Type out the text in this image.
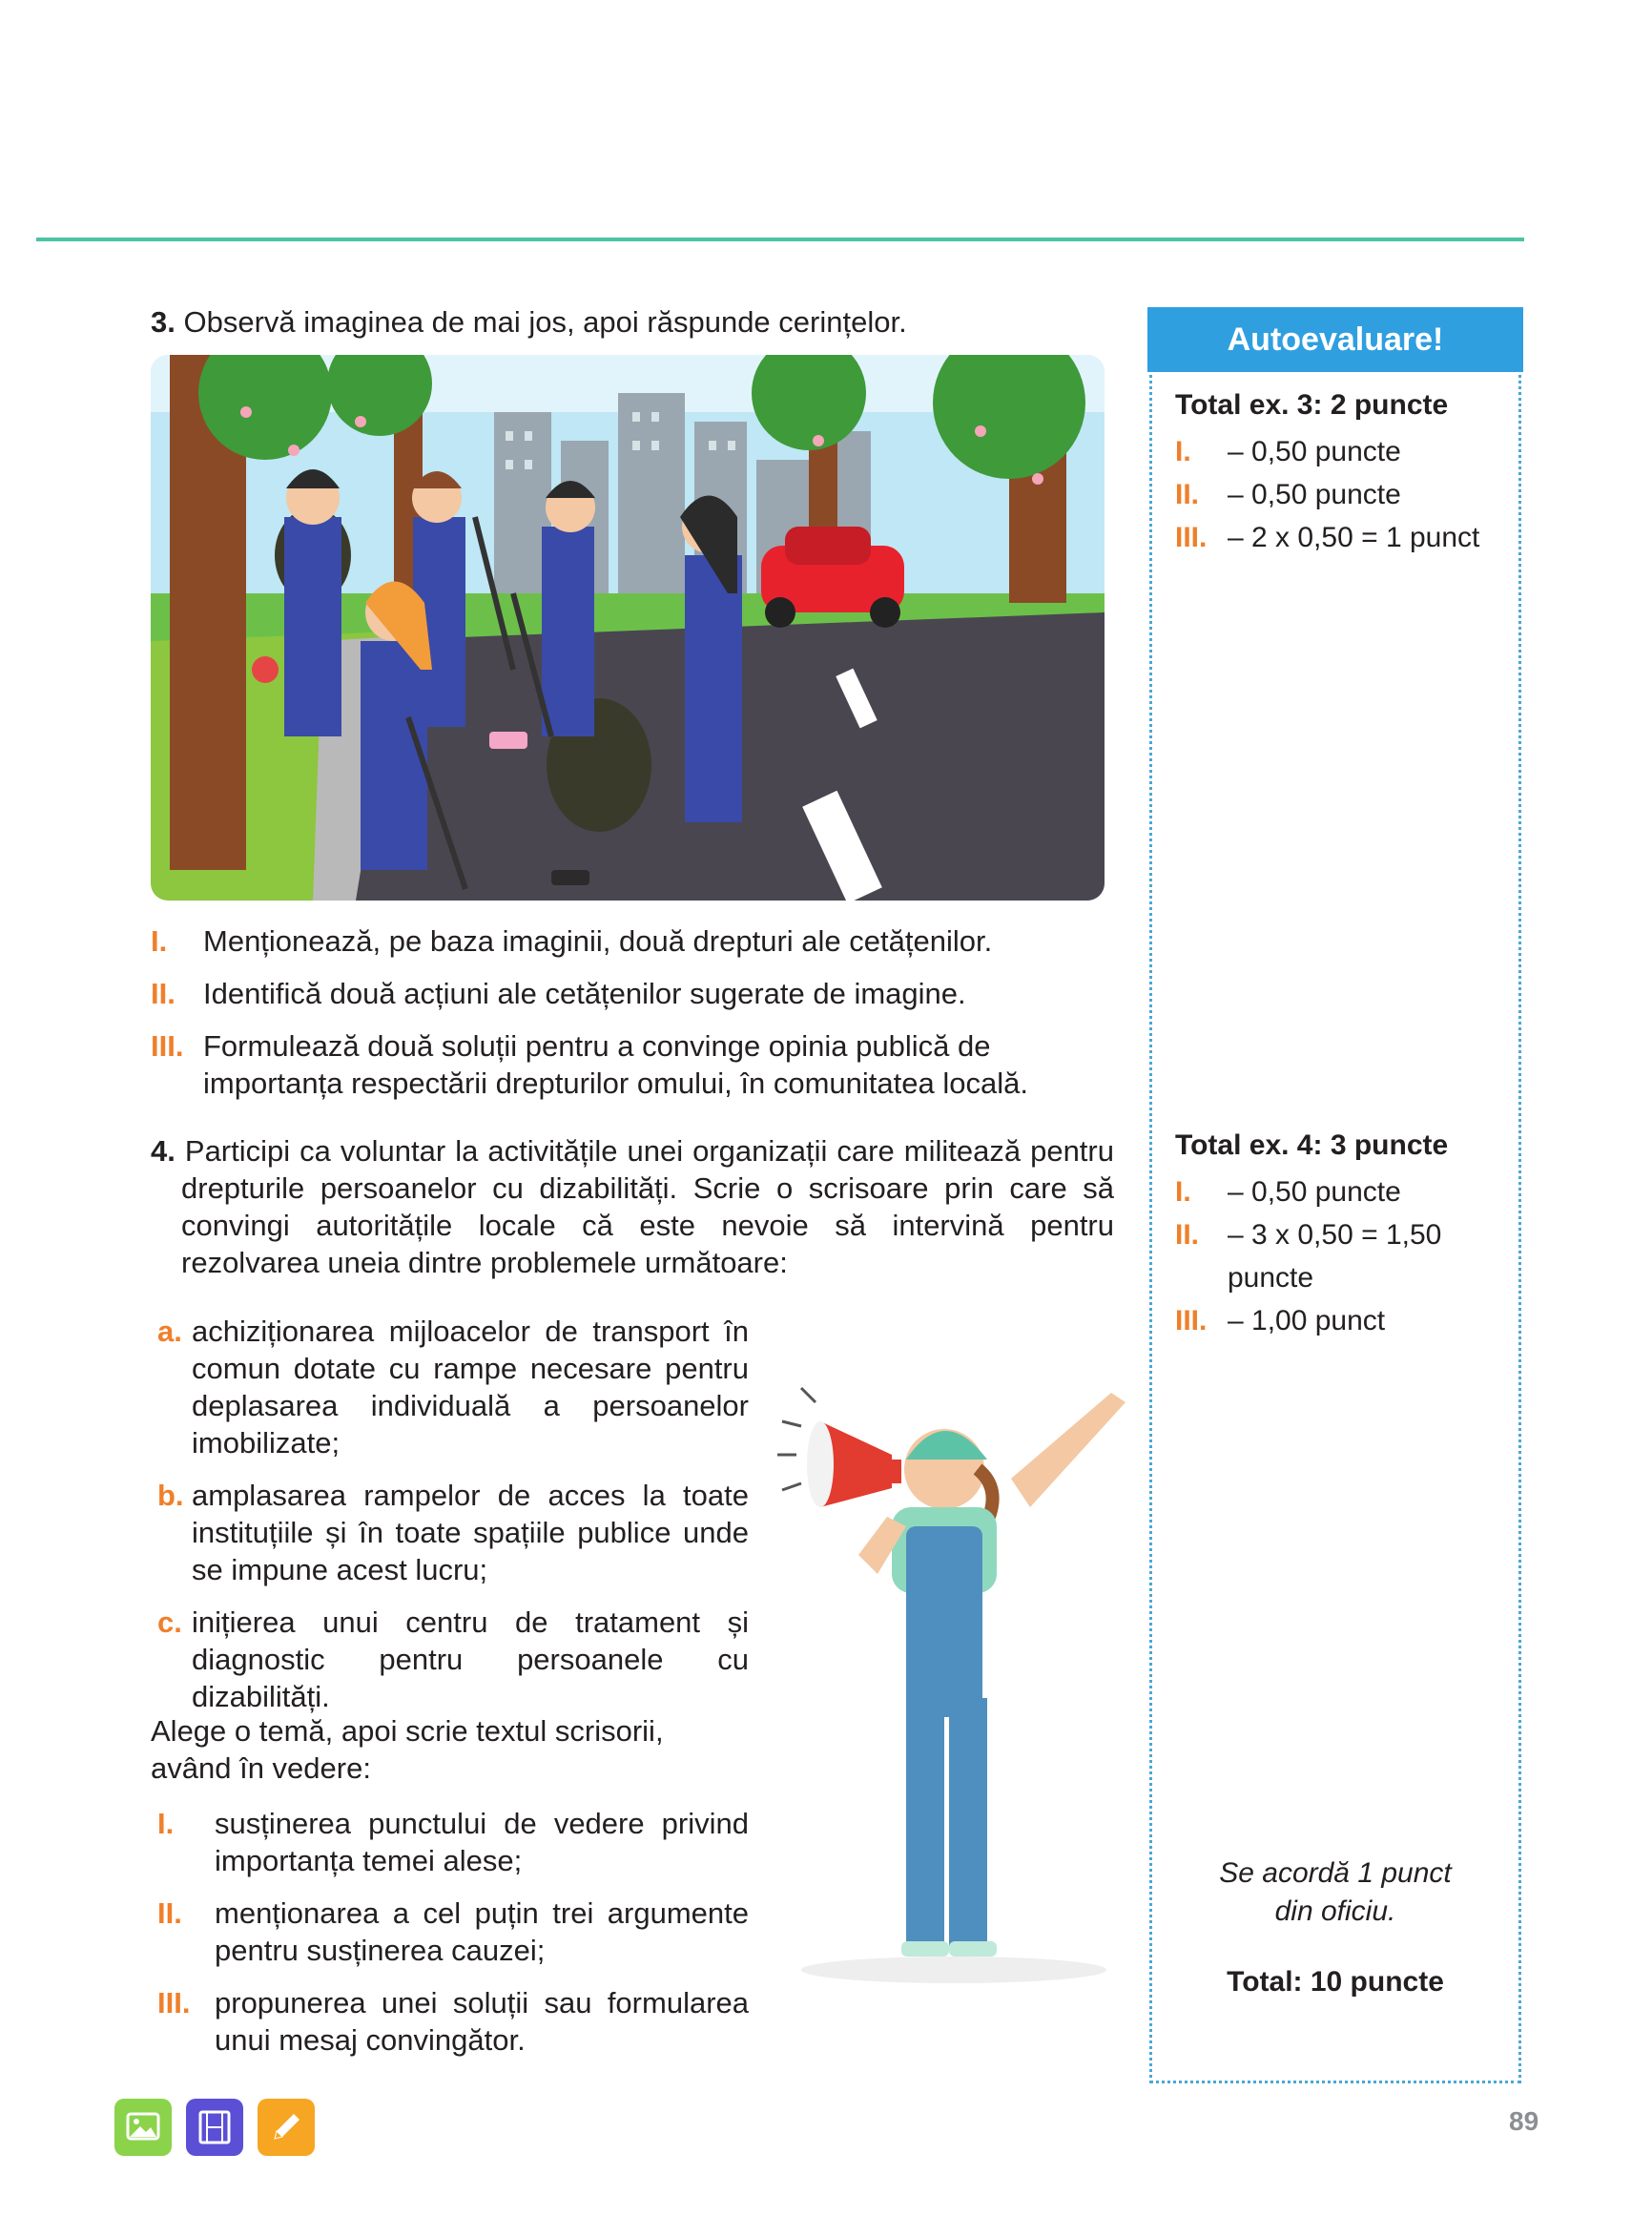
3. Observă imaginea de mai jos, apoi răspunde cerințelor.
I. Menționează, pe baza imaginii, două drepturi ale cetățenilor.
II. Identifică două acțiuni ale cetățenilor sugerate de imagine.
III. Formulează două soluții pentru a convinge opinia publică de importanța respectării drepturilor omului, în comunitatea locală.
4. Participi ca voluntar la activitățile unei organizații care militează pentru drepturile persoanelor cu dizabilități. Scrie o scrisoare prin care să convingi autoritățile locale că este nevoie să intervină pentru rezolvarea uneia dintre problemele următoare:
a. achiziționarea mijloacelor de transport în comun dotate cu rampe necesare pentru deplasarea individuală a persoanelor imobilizate;
b. amplasarea rampelor de acces la toate instituțiile și în toate spațiile publice unde se impune acest lucru;
c. inițierea unui centru de tratament și diagnostic pentru persoanele cu dizabilități.
Alege o temă, apoi scrie textul scrisorii, având în vedere:
I. susținerea punctului de vedere privind importanța temei alese;
II. menționarea a cel puțin trei argumente pentru susținerea cauzei;
III. propunerea unei soluții sau formularea unui mesaj convingător.
Autoevaluare!
Total ex. 3: 2 puncte
I. – 0,50 puncte
II. – 0,50 puncte
III. – 2 x 0,50 = 1 punct
Total ex. 4: 3 puncte
I. – 0,50 puncte
II. – 3 x 0,50 = 1,50 puncte
III. – 1,00 punct
Se acordă 1 punct
din oficiu.
Total: 10 puncte
89
